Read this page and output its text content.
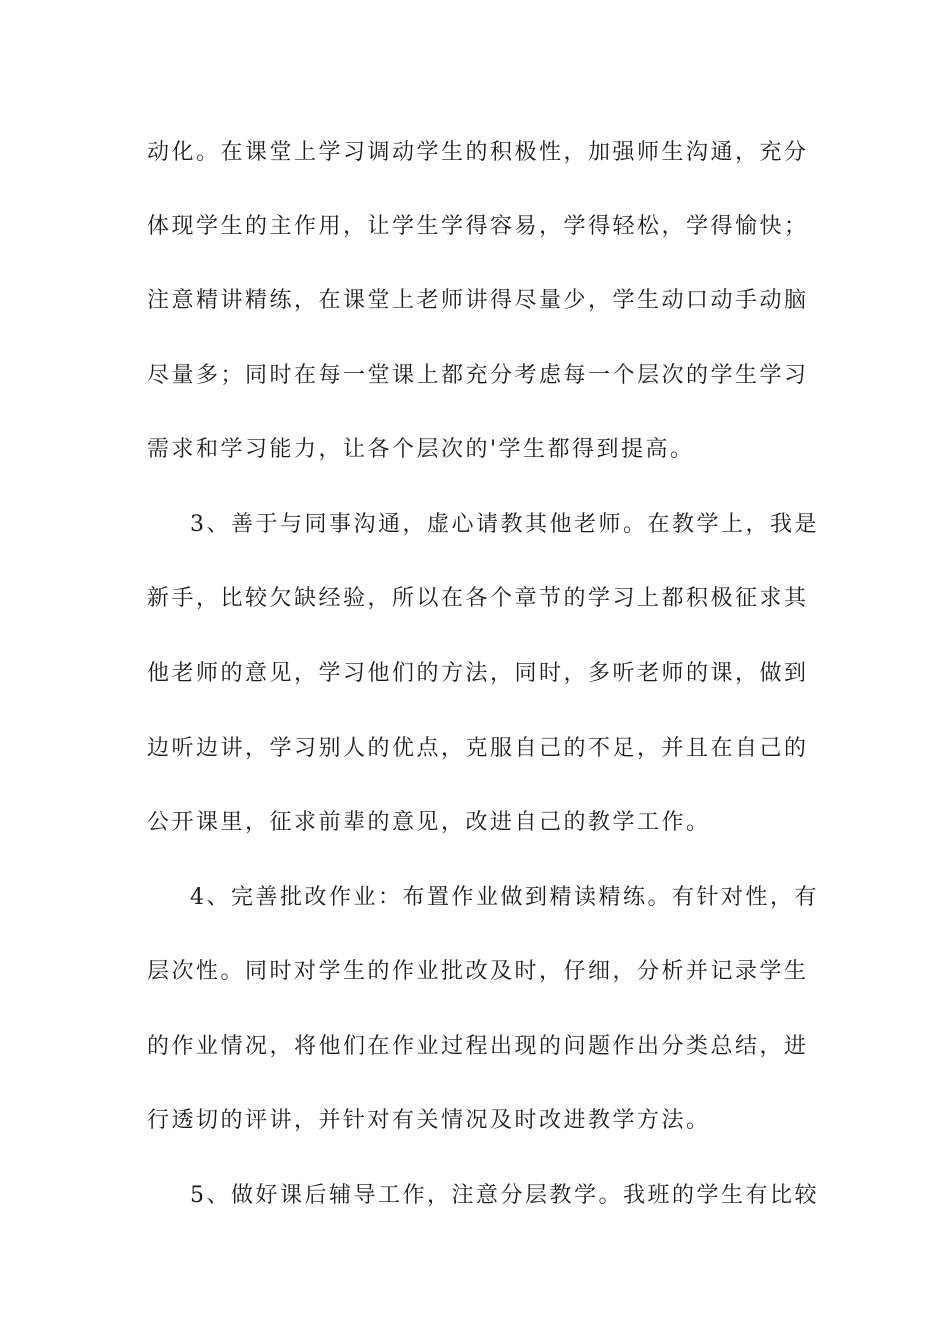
动化。在课堂上学习调动学生的积极性，加强师生沟通，充分
体现学生的主作用，让学生学得容易，学得轻松，学得愉快；
注意精讲精练，在课堂上老师讲得尽量少，学生动口动手动脑
尽量多；同时在每一堂课上都充分考虑每一个层次的学生学习
需求和学习能力，让各个层次的'学生都得到提高。
3、善于与同事沟通，虚心请教其他老师。在教学上，我是
新手，比较欠缺经验，所以在各个章节的学习上都积极征求其
他老师的意见，学习他们的方法，同时，多听老师的课，做到
边听边讲，学习别人的优点，克服自己的不足，并且在自己的
公开课里，征求前辈的意见，改进自己的教学工作。
4、完善批改作业：布置作业做到精读精练。有针对性，有
层次性。同时对学生的作业批改及时，仔细，分析并记录学生
的作业情况，将他们在作业过程出现的问题作出分类总结，进
行透切的评讲，并针对有关情况及时改进教学方法。
5、做好课后辅导工作，注意分层教学。我班的学生有比较
